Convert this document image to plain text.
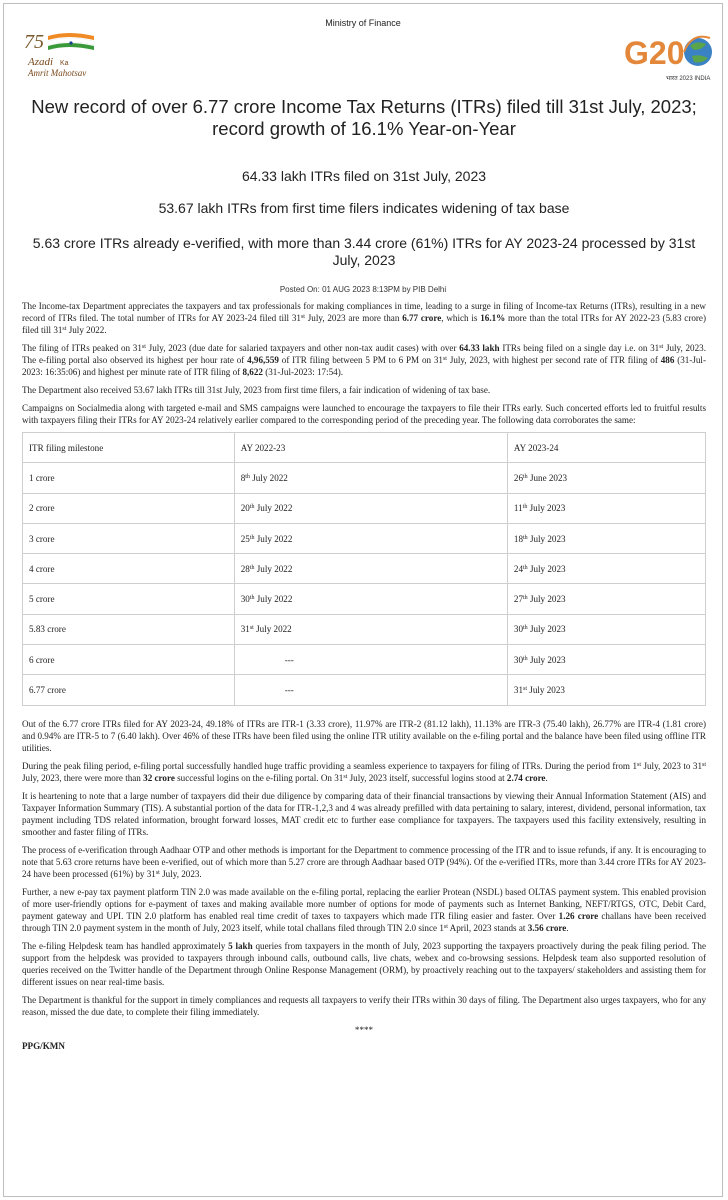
Ministry of Finance
75
Azadi Ka
Amrit Mahotsav
G20
भारत 2023 INDIA
New record of over 6.77 crore Income Tax Returns (ITRs) filed till 31st July, 2023; record growth of 16.1% Year-on-Year
64.33 lakh ITRs filed on 31st July, 2023
53.67 lakh ITRs from first time filers indicates widening of tax base
5.63 crore ITRs already e-verified, with more than 3.44 crore (61%) ITRs for AY 2023-24 processed by 31st July, 2023
Posted On: 01 AUG 2023 8:13PM by PIB Delhi

The Income-tax Department appreciates the taxpayers and tax professionals for making compliances in time, leading to a surge in filing of Income-tax Returns (ITRs), resulting in a new record of ITRs filed. The total number of ITRs for AY 2023-24 filed till 31st July, 2023 are more than 6.77 crore, which is 16.1% more than the total ITRs for AY 2022-23 (5.83 crore) filed till 31st July 2022.

The filing of ITRs peaked on 31st July, 2023 (due date for salaried taxpayers and other non-tax audit cases) with over 64.33 lakh ITRs being filed on a single day i.e. on 31st July, 2023. The e-filing portal also observed its highest per hour rate of 4,96,559 of ITR filing between 5 PM to 6 PM on 31st July, 2023, with highest per second rate of ITR filing of 486 (31-Jul-2023: 16:35:06) and highest per minute rate of ITR filing of 8,622 (31-Jul-2023: 17:54).

The Department also received 53.67 lakh ITRs till 31st July, 2023 from first time filers, a fair indication of widening of tax base.

Campaigns on Socialmedia along with targeted e-mail and SMS campaigns were launched to encourage the taxpayers to file their ITRs early. Such concerted efforts led to fruitful results with taxpayers filing their ITRs for AY 2023-24 relatively earlier compared to the corresponding period of the preceding year. The following data corroborates the same:

ITR filing milestone	AY 2022-23	AY 2023-24
1 crore	8th July 2022	26th June 2023
2 crore	20th July 2022	11th July 2023
3 crore	25th July 2022	18th July 2023
4 crore	28th July 2022	24th July 2023
5 crore	30th July 2022	27th July 2023
5.83 crore	31st July 2022	30th July 2023
6 crore	---	30th July 2023
6.77 crore	---	31st July 2023

Out of the 6.77 crore ITRs filed for AY 2023-24, 49.18% of ITRs are ITR-1 (3.33 crore), 11.97% are ITR-2 (81.12 lakh), 11.13% are ITR-3 (75.40 lakh), 26.77% are ITR-4 (1.81 crore) and 0.94% are ITR-5 to 7 (6.40 lakh). Over 46% of these ITRs have been filed using the online ITR utility available on the e-filing portal and the balance have been filed using offline ITR utilities.

During the peak filing period, e-filing portal successfully handled huge traffic providing a seamless experience to taxpayers for filing of ITRs. During the period from 1st July, 2023 to 31st July, 2023, there were more than 32 crore successful logins on the e-filing portal. On 31st July, 2023 itself, successful logins stood at 2.74 crore.

It is heartening to note that a large number of taxpayers did their due diligence by comparing data of their financial transactions by viewing their Annual Information Statement (AIS) and Taxpayer Information Summary (TIS). A substantial portion of the data for ITR-1,2,3 and 4 was already prefilled with data pertaining to salary, interest, dividend, personal information, tax payment including TDS related information, brought forward losses, MAT credit etc to further ease compliance for taxpayers. The taxpayers used this facility extensively, resulting in smoother and faster filing of ITRs.

The process of e-verification through Aadhaar OTP and other methods is important for the Department to commence processing of the ITR and to issue refunds, if any. It is encouraging to note that 5.63 crore returns have been e-verified, out of which more than 5.27 crore are through Aadhaar based OTP (94%). Of the e-verified ITRs, more than 3.44 crore ITRs for AY 2023-24 have been processed (61%) by 31st July, 2023.

Further, a new e-pay tax payment platform TIN 2.0 was made available on the e-filing portal, replacing the earlier Protean (NSDL) based OLTAS payment system. This enabled provision of more user-friendly options for e-payment of taxes and making available more number of options for mode of payments such as Internet Banking, NEFT/RTGS, OTC, Debit Card, payment gateway and UPI. TIN 2.0 platform has enabled real time credit of taxes to taxpayers which made ITR filing easier and faster. Over 1.26 crore challans have been received through TIN 2.0 payment system in the month of July, 2023 itself, while total challans filed through TIN 2.0 since 1st April, 2023 stands at 3.56 crore.

The e-filing Helpdesk team has handled approximately 5 lakh queries from taxpayers in the month of July, 2023 supporting the taxpayers proactively during the peak filing period. The support from the helpdesk was provided to taxpayers through inbound calls, outbound calls, live chats, webex and co-browsing sessions. Helpdesk team also supported resolution of queries received on the Twitter handle of the Department through Online Response Management (ORM), by proactively reaching out to the taxpayers/ stakeholders and assisting them for different issues on near real-time basis.

The Department is thankful for the support in timely compliances and requests all taxpayers to verify their ITRs within 30 days of filing. The Department also urges taxpayers, who for any reason, missed the due date, to complete their filing immediately.

****
PPG/KMN
